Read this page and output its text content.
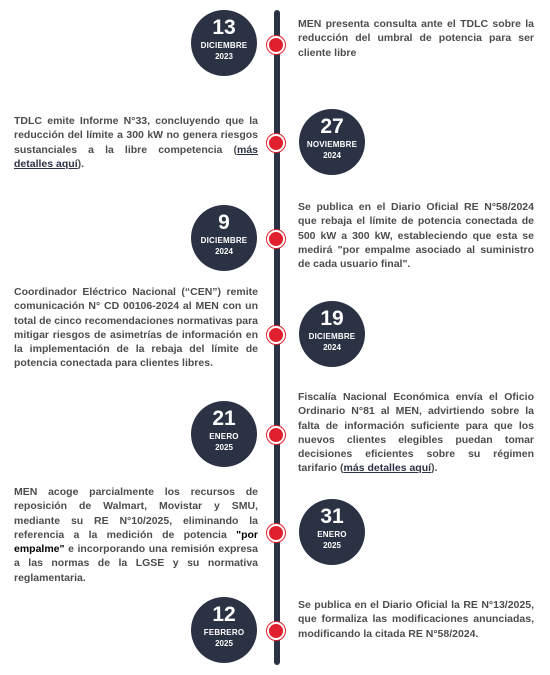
13
DICIEMBRE
2023
MEN presenta consulta ante el TDLC sobre la reducción del umbral de potencia para ser cliente libre
27
NOVIEMBRE
2024
TDLC emite Informe N°33, concluyendo que la reducción del límite a 300 kW no genera riesgos sustanciales a la libre competencia (más detalles aquí).
9
DICIEMBRE
2024
Se publica en el Diario Oficial RE N°58/2024 que rebaja el límite de potencia conectada de 500 kW a 300 kW, estableciendo que esta se medirá "por empalme asociado al suministro de cada usuario final".
19
DICIEMBRE
2024
Coordinador Eléctrico Nacional (“CEN”) remite comunicación N° CD 00106-2024 al MEN con un total de cinco recomendaciones normativas para mitigar riesgos de asimetrías de información en la implementación de la rebaja del límite de potencia conectada para clientes libres.
21
ENERO
2025
Fiscalía Nacional Económica envía el Oficio Ordinario N°81 al MEN, advirtiendo sobre la falta de información suficiente para que los nuevos clientes elegibles puedan tomar decisiones eficientes sobre su régimen tarifario (más detalles aquí).
31
ENERO
2025
MEN acoge parcialmente los recursos de reposición de Walmart, Movistar y SMU, mediante su RE N°10/2025, eliminando la referencia a la medición de potencia "por empalme" e incorporando una remisión expresa a las normas de la LGSE y su normativa reglamentaria.
12
FEBRERO
2025
Se publica en el Diario Oficial la RE N°13/2025, que formaliza las modificaciones anunciadas, modificando la citada RE N°58/2024.
